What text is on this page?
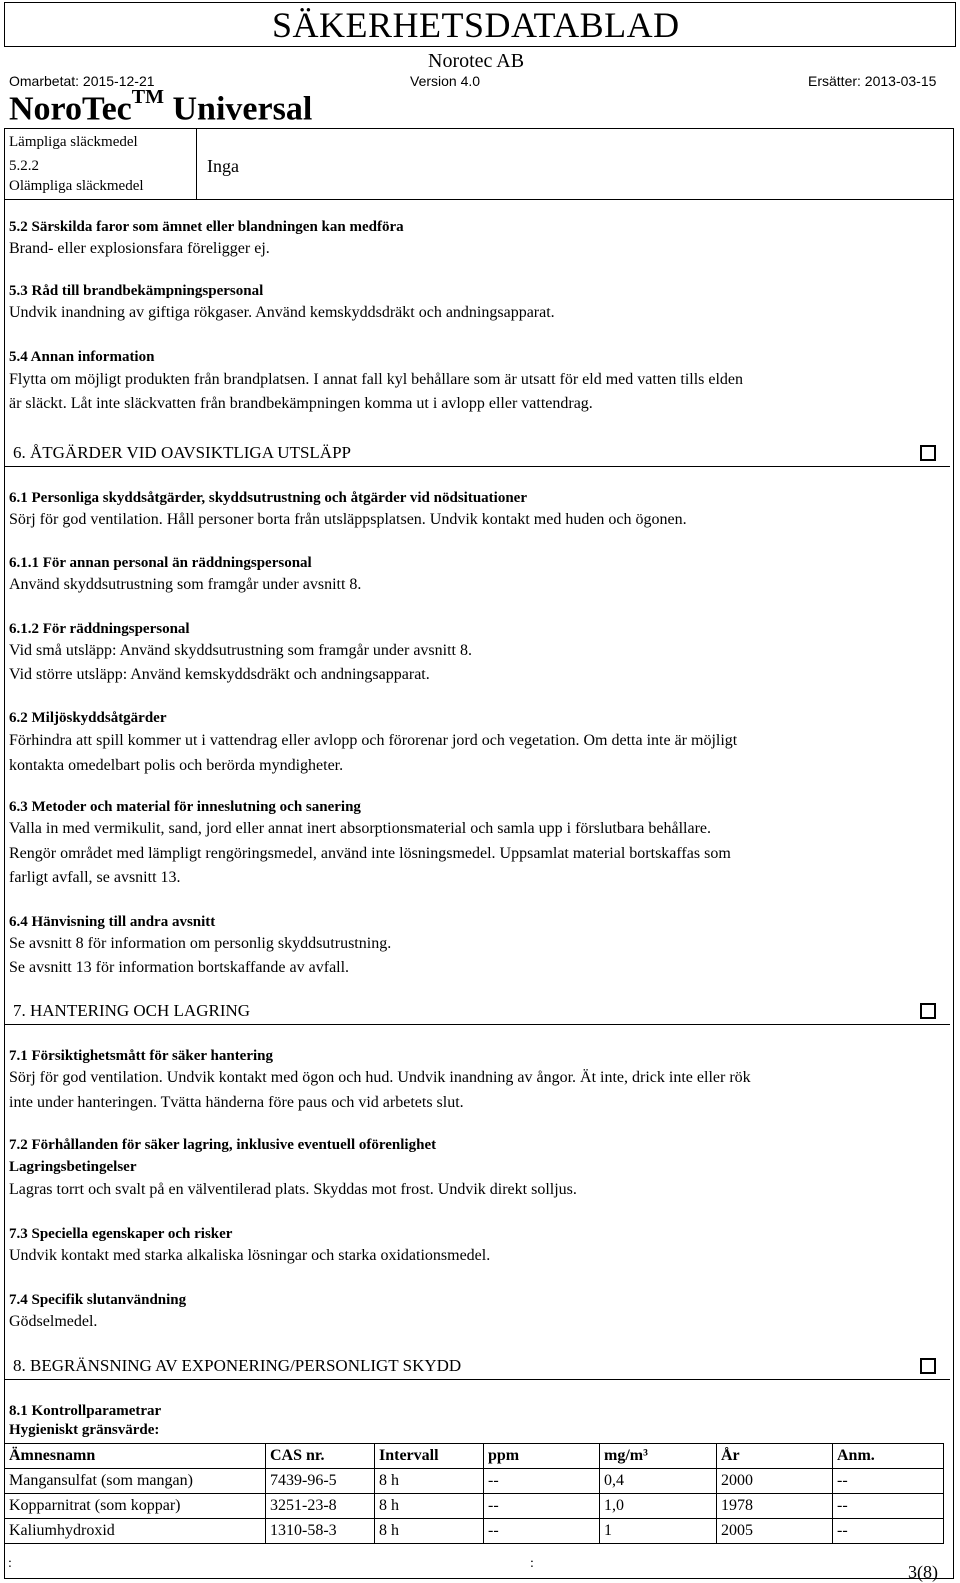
SÄKERHETSDATABLAD
Norotec AB
Omarbetat: 2015-12-21	Version 4.0	Ersätter: 2013-03-15
NoroTec™ Universal
Lämpliga släckmedel
5.2.2
Olämpliga släckmedel
Inga
5.2 Särskilda faror som ämnet eller blandningen kan medföra
Brand- eller explosionsfara föreligger ej.
5.3 Råd till brandbekämpningspersonal
Undvik inandning av giftiga rökgaser. Använd kemskyddsdräkt och andningsapparat.
5.4 Annan information
Flytta om möjligt produkten från brandplatsen. I annat fall kyl behållare som är utsatt för eld med vatten tills elden
är släckt. Låt inte släckvatten från brandbekämpningen komma ut i avlopp eller vattendrag.
6. ÅTGÄRDER VID OAVSIKTLIGA UTSLÄPP
6.1 Personliga skyddsåtgärder, skyddsutrustning och åtgärder vid nödsituationer
Sörj för god ventilation. Håll personer borta från utsläppsplatsen. Undvik kontakt med huden och ögonen.
6.1.1 För annan personal än räddningspersonal
Använd skyddsutrustning som framgår under avsnitt 8.
6.1.2 För räddningspersonal
Vid små utsläpp: Använd skyddsutrustning som framgår under avsnitt 8.
Vid större utsläpp: Använd kemskyddsdräkt och andningsapparat.
6.2 Miljöskyddsåtgärder
Förhindra att spill kommer ut i vattendrag eller avlopp och förorenar jord och vegetation. Om detta inte är möjligt
kontakta omedelbart polis och berörda myndigheter.
6.3 Metoder och material för inneslutning och sanering
Valla in med vermikulit, sand, jord eller annat inert absorptionsmaterial och samla upp i förslutbara behållare.
Rengör området med lämpligt rengöringsmedel, använd inte lösningsmedel. Uppsamlat material bortskaffas som
farligt avfall, se avsnitt 13.
6.4 Hänvisning till andra avsnitt
Se avsnitt 8 för information om personlig skyddsutrustning.
Se avsnitt 13 för information bortskaffande av avfall.
7. HANTERING OCH LAGRING
7.1 Försiktighetsmått för säker hantering
Sörj för god ventilation. Undvik kontakt med ögon och hud. Undvik inandning av ångor. Ät inte, drick inte eller rök
inte under hanteringen. Tvätta händerna före paus och vid arbetets slut.
7.2 Förhållanden för säker lagring, inklusive eventuell oförenlighet
Lagringsbetingelser
Lagras torrt och svalt på en välventilerad plats. Skyddas mot frost. Undvik direkt solljus.
7.3 Speciella egenskaper och risker
Undvik kontakt med starka alkaliska lösningar och starka oxidationsmedel.
7.4 Specifik slutanvändning
Gödselmedel.
8. BEGRÄNSNING AV EXPONERING/PERSONLIGT SKYDD
8.1 Kontrollparametrar
Hygieniskt gränsvärde:
Ämnesnamn	CAS nr.	Intervall	ppm	mg/m³	År	Anm.
Mangansulfat (som mangan)	7439-96-5	8 h	--	0,4	2000	--
Kopparnitrat (som koppar)	3251-23-8	8 h	--	1,0	1978	--
Kaliumhydroxid	1310-58-3	8 h	--	1	2005	--
:	:	3(8)
